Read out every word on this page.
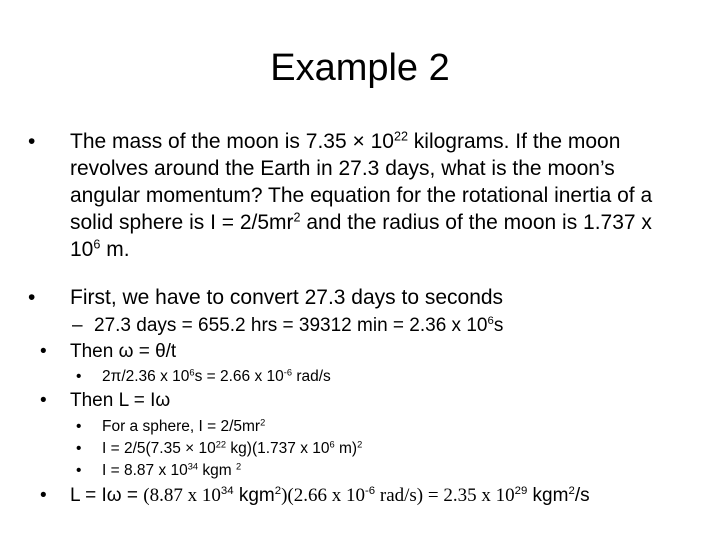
Example 2
•	The mass of the moon is $7.35 \times 10^{22}$ kilograms. If the moon revolves around the Earth in 27.3 days, what is the moon’s angular momentum? The equation for the rotational inertia of a solid sphere is $I = 2/5mr^2$ and the radius of the moon is 1.737 x $10^6$ m.
•	First, we have to convert 27.3 days to seconds
– 27.3 days = 655.2 hrs = 39312 min = 2.36 x $10^6s$
• Then ω = θ/t
• 2π/2.36 x $10^6s = 2.66$ x $10^{-6}$ rad/s
• Then L = Iω
• For a sphere, $I = 2/5mr^2$
• $I = 2/5(7.35 \times 10^{22}$ kg)(1.737 x $10^6$ m)$^2$
• I = 8.87 x $10^{34}$ kgm $^2$
• L = Iω = (8.87 x $10^{34}$ kgm$^2$)(2.66 x $10^{-6}$ rad/s) = 2.35 x $10^{29}$ kgm$^2$/s
